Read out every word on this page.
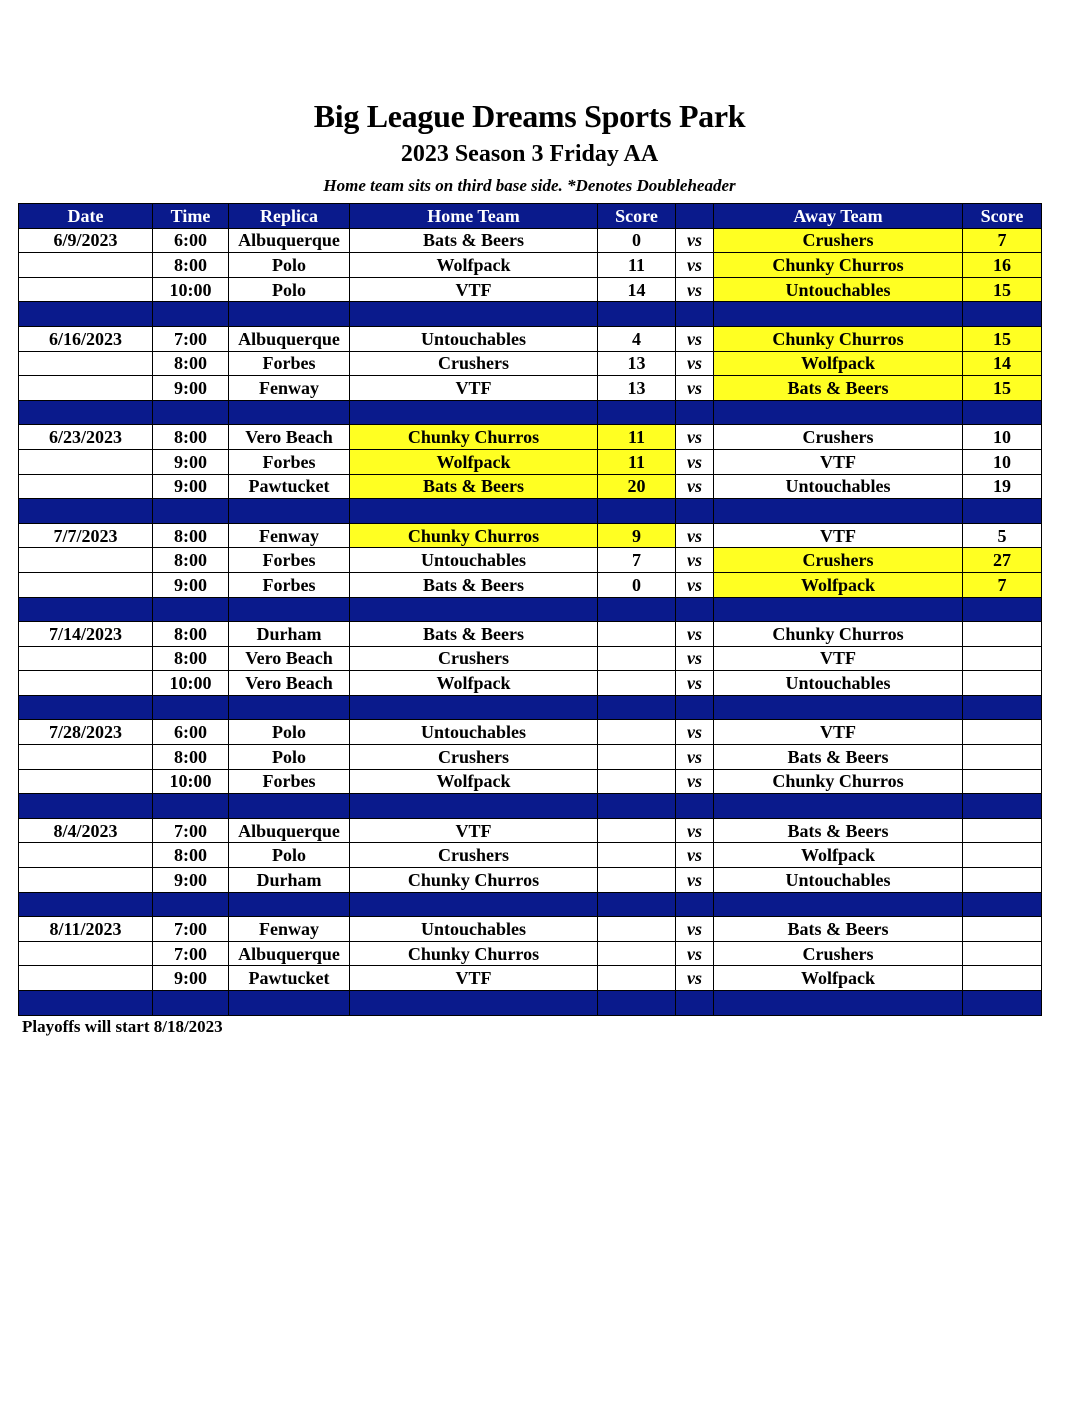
Big League Dreams Sports Park
2023 Season 3 Friday AA
Home team sits on third base side. *Denotes Doubleheader
Date	Time	Replica	Home Team	Score		Away Team	Score
6/9/2023	6:00	Albuquerque	Bats & Beers	0	vs	Crushers	7
	8:00	Polo	Wolfpack	11	vs	Chunky Churros	16
	10:00	Polo	VTF	14	vs	Untouchables	15

6/16/2023	7:00	Albuquerque	Untouchables	4	vs	Chunky Churros	15
	8:00	Forbes	Crushers	13	vs	Wolfpack	14
	9:00	Fenway	VTF	13	vs	Bats & Beers	15

6/23/2023	8:00	Vero Beach	Chunky Churros	11	vs	Crushers	10
	9:00	Forbes	Wolfpack	11	vs	VTF	10
	9:00	Pawtucket	Bats & Beers	20	vs	Untouchables	19

7/7/2023	8:00	Fenway	Chunky Churros	9	vs	VTF	5
	8:00	Forbes	Untouchables	7	vs	Crushers	27
	9:00	Forbes	Bats & Beers	0	vs	Wolfpack	7

7/14/2023	8:00	Durham	Bats & Beers		vs	Chunky Churros	
	8:00	Vero Beach	Crushers		vs	VTF	
	10:00	Vero Beach	Wolfpack		vs	Untouchables	

7/28/2023	6:00	Polo	Untouchables		vs	VTF	
	8:00	Polo	Crushers		vs	Bats & Beers	
	10:00	Forbes	Wolfpack		vs	Chunky Churros	

8/4/2023	7:00	Albuquerque	VTF		vs	Bats & Beers	
	8:00	Polo	Crushers		vs	Wolfpack	
	9:00	Durham	Chunky Churros		vs	Untouchables	

8/11/2023	7:00	Fenway	Untouchables		vs	Bats & Beers	
	7:00	Albuquerque	Chunky Churros		vs	Crushers	
	9:00	Pawtucket	VTF		vs	Wolfpack	

Playoffs will start 8/18/2023
